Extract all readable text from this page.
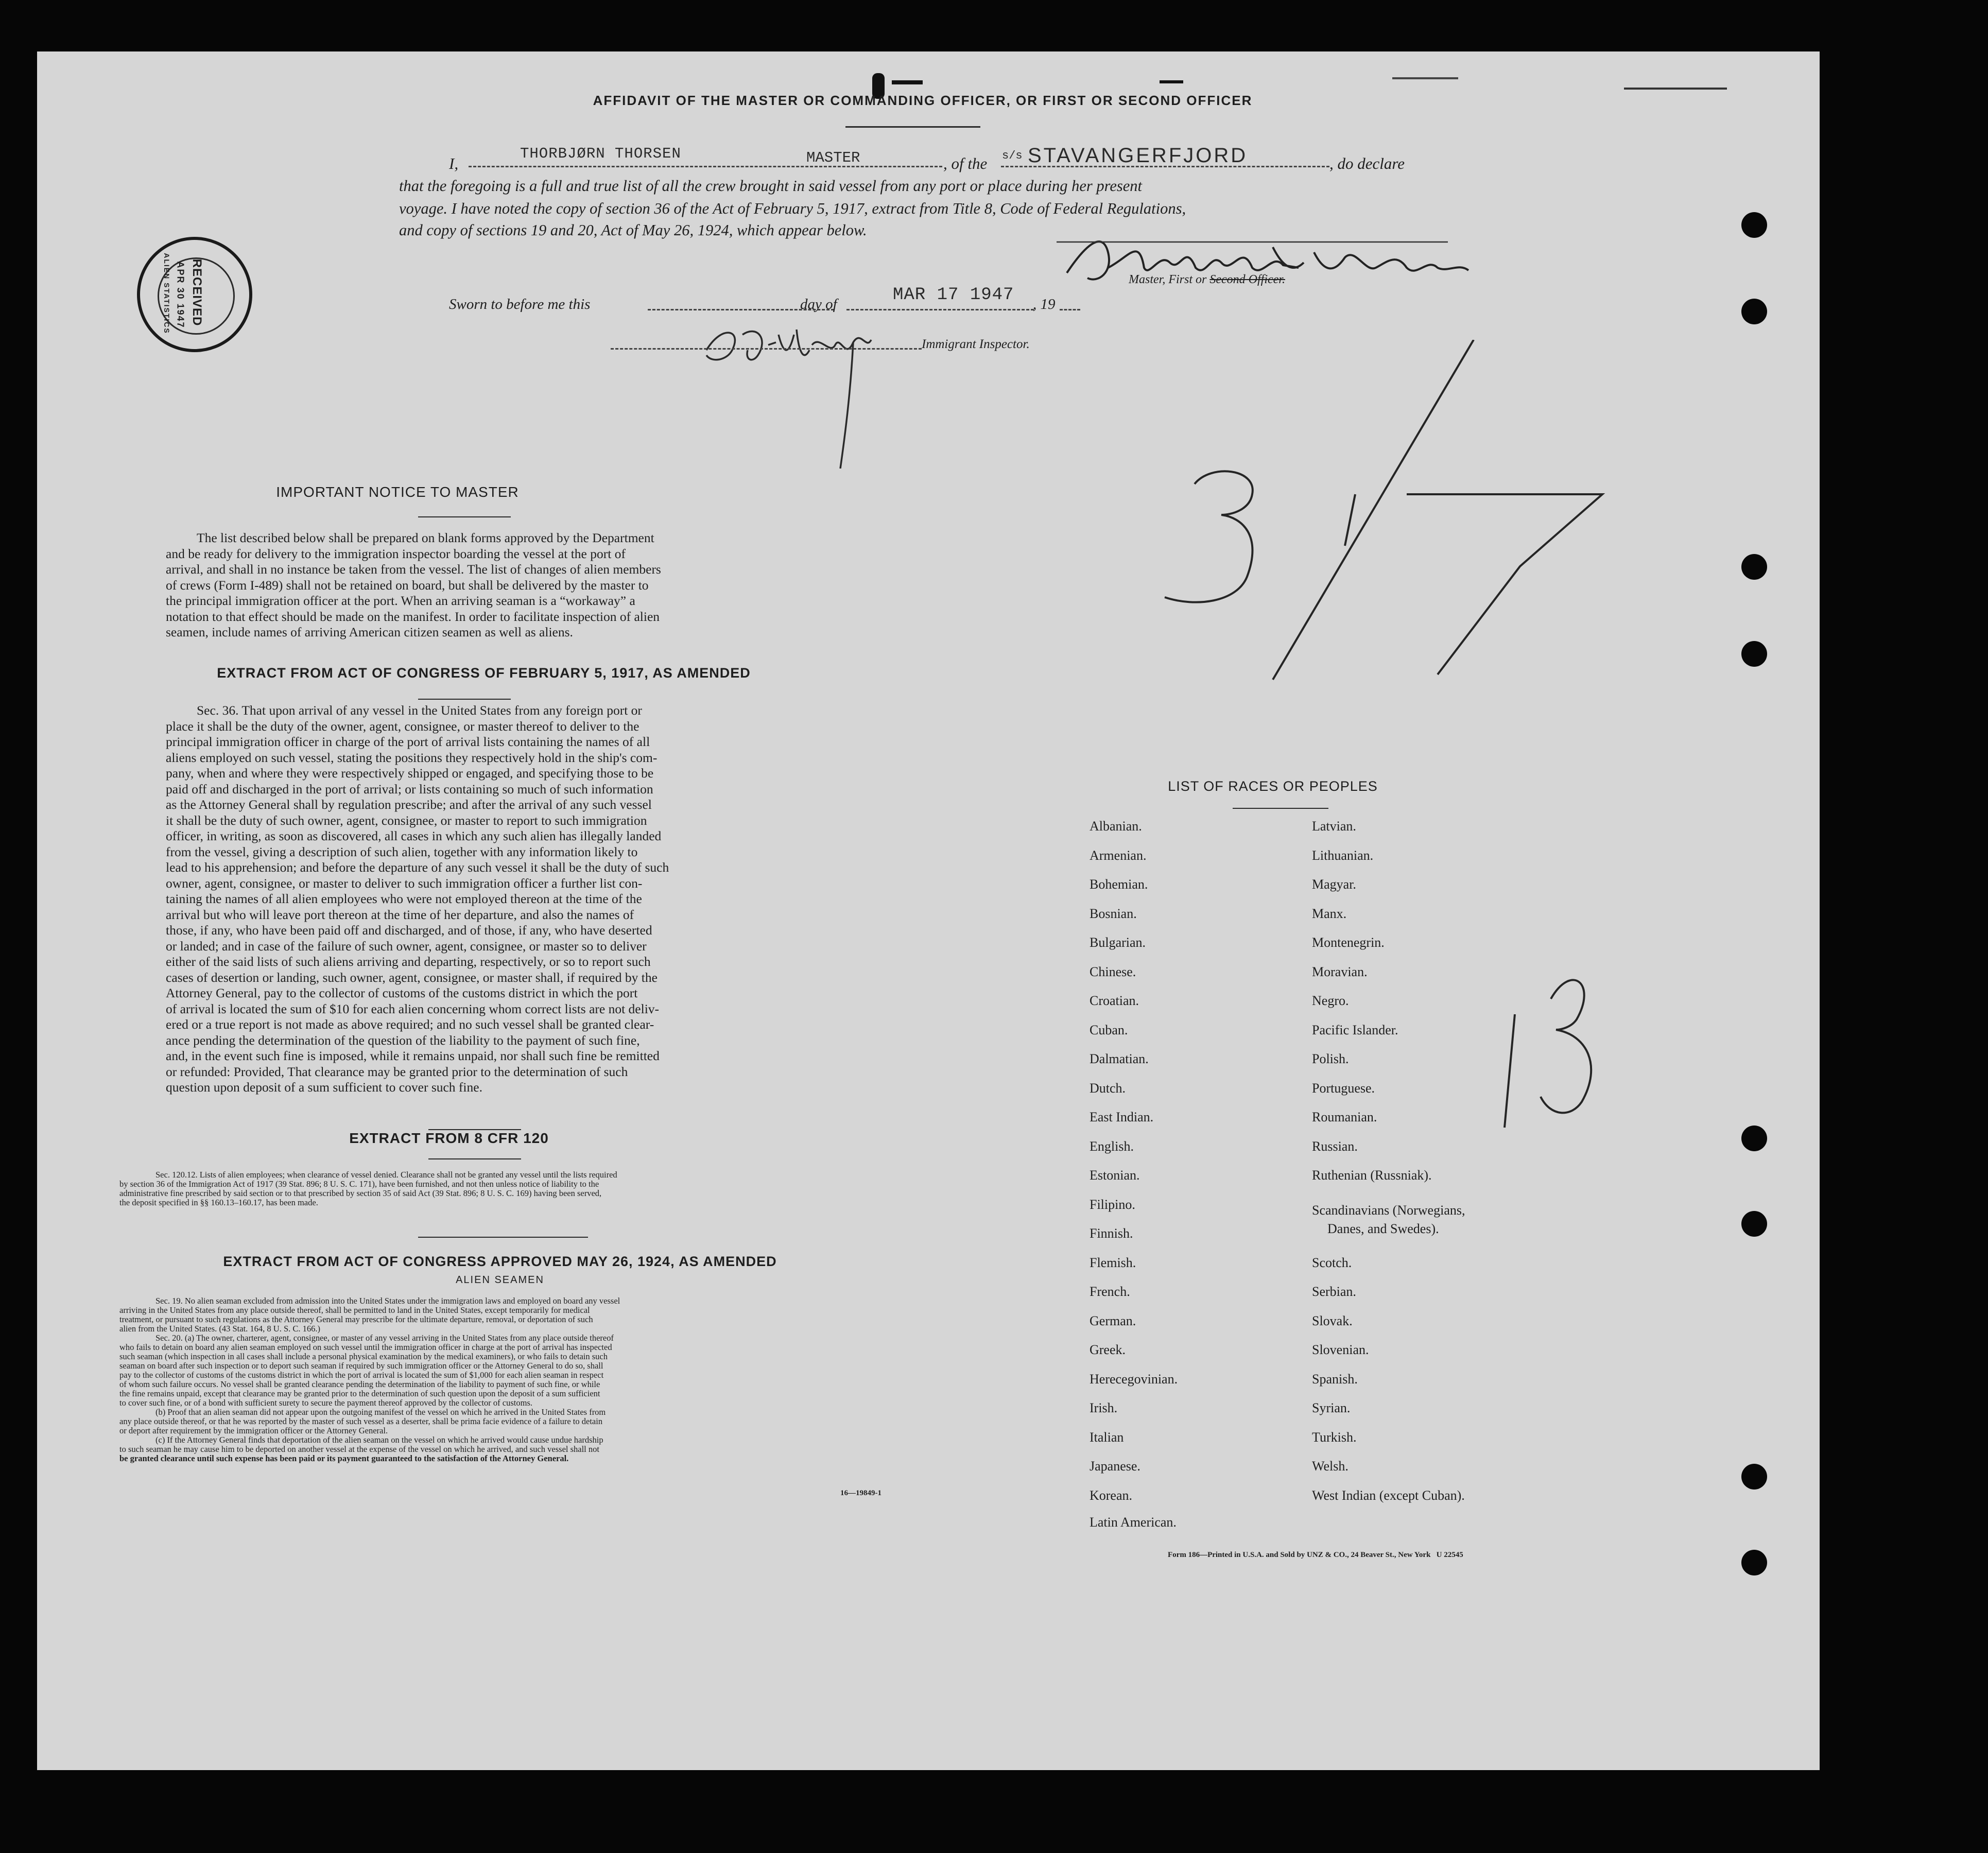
AFFIDAVIT OF THE MASTER OR COMMANDING OFFICER, OR FIRST OR SECOND OFFICER
I,
THORBJØRN THORSEN	MASTER	, of the s/s STAVANGERFJORD	, do declare
that the foregoing is a full and true list of all the crew brought in said vessel from any port or place during her present
voyage. I have noted the copy of section 36 of the Act of February 5, 1917, extract from Title 8, Code of Federal Regulations,
and copy of sections 19 and 20, Act of May 26, 1924, which appear below.
Master, First or Second Officer.
Sworn to before me this	day of	MAR 17 1947 , 19
Immigrant Inspector.
RECEIVED
APR 30 1947
ALIEN STATISTICS
IMPORTANT NOTICE TO MASTER
The list described below shall be prepared on blank forms approved by the Department
and be ready for delivery to the immigration inspector boarding the vessel at the port of
arrival, and shall in no instance be taken from the vessel. The list of changes of alien members
of crews (Form I-489) shall not be retained on board, but shall be delivered by the master to
the principal immigration officer at the port. When an arriving seaman is a “workaway” a
notation to that effect should be made on the manifest. In order to facilitate inspection of alien
seamen, include names of arriving American citizen seamen as well as aliens.
EXTRACT FROM ACT OF CONGRESS OF FEBRUARY 5, 1917, AS AMENDED
Sec. 36. That upon arrival of any vessel in the United States from any foreign port or
place it shall be the duty of the owner, agent, consignee, or master thereof to deliver to the
principal immigration officer in charge of the port of arrival lists containing the names of all
aliens employed on such vessel, stating the positions they respectively hold in the ship's com-
pany, when and where they were respectively shipped or engaged, and specifying those to be
paid off and discharged in the port of arrival; or lists containing so much of such information
as the Attorney General shall by regulation prescribe; and after the arrival of any such vessel
it shall be the duty of such owner, agent, consignee, or master to report to such immigration
officer, in writing, as soon as discovered, all cases in which any such alien has illegally landed
from the vessel, giving a description of such alien, together with any information likely to
lead to his apprehension; and before the departure of any such vessel it shall be the duty of such
owner, agent, consignee, or master to deliver to such immigration officer a further list con-
taining the names of all alien employees who were not employed thereon at the time of the
arrival but who will leave port thereon at the time of her departure, and also the names of
those, if any, who have been paid off and discharged, and of those, if any, who have deserted
or landed; and in case of the failure of such owner, agent, consignee, or master so to deliver
either of the said lists of such aliens arriving and departing, respectively, or so to report such
cases of desertion or landing, such owner, agent, consignee, or master shall, if required by the
Attorney General, pay to the collector of customs of the customs district in which the port
of arrival is located the sum of $10 for each alien concerning whom correct lists are not deliv-
ered or a true report is not made as above required; and no such vessel shall be granted clear-
ance pending the determination of the question of the liability to the payment of such fine,
and, in the event such fine is imposed, while it remains unpaid, nor shall such fine be remitted
or refunded: Provided, That clearance may be granted prior to the determination of such
question upon deposit of a sum sufficient to cover such fine.
EXTRACT FROM 8 CFR 120
Sec. 120.12. Lists of alien employees; when clearance of vessel denied. Clearance shall not be granted any vessel until the lists required
by section 36 of the Immigration Act of 1917 (39 Stat. 896; 8 U. S. C. 171), have been furnished, and not then unless notice of liability to the
administrative fine prescribed by said section or to that prescribed by section 35 of said Act (39 Stat. 896; 8 U. S. C. 169) having been served,
the deposit specified in §§ 160.13–160.17, has been made.
EXTRACT FROM ACT OF CONGRESS APPROVED MAY 26, 1924, AS AMENDED
ALIEN SEAMEN
Sec. 19. No alien seaman excluded from admission into the United States under the immigration laws and employed on board any vessel
arriving in the United States from any place outside thereof, shall be permitted to land in the United States, except temporarily for medical
treatment, or pursuant to such regulations as the Attorney General may prescribe for the ultimate departure, removal, or deportation of such
alien from the United States. (43 Stat. 164, 8 U. S. C. 166.)
Sec. 20. (a) The owner, charterer, agent, consignee, or master of any vessel arriving in the United States from any place outside thereof
who fails to detain on board any alien seaman employed on such vessel until the immigration officer in charge at the port of arrival has inspected
such seaman (which inspection in all cases shall include a personal physical examination by the medical examiners), or who fails to detain such
seaman on board after such inspection or to deport such seaman if required by such immigration officer or the Attorney General to do so, shall
pay to the collector of customs of the customs district in which the port of arrival is located the sum of $1,000 for each alien seaman in respect
of whom such failure occurs. No vessel shall be granted clearance pending the determination of the liability to payment of such fine, or while
the fine remains unpaid, except that clearance may be granted prior to the determination of such question upon the deposit of a sum sufficient
to cover such fine, or of a bond with sufficient surety to secure the payment thereof approved by the collector of customs.
(b) Proof that an alien seaman did not appear upon the outgoing manifest of the vessel on which he arrived in the United States from
any place outside thereof, or that he was reported by the master of such vessel as a deserter, shall be prima facie evidence of a failure to detain
or deport after requirement by the immigration officer or the Attorney General.
(c) If the Attorney General finds that deportation of the alien seaman on the vessel on which he arrived would cause undue hardship
to such seaman he may cause him to be deported on another vessel at the expense of the vessel on which he arrived, and such vessel shall not
be granted clearance until such expense has been paid or its payment guaranteed to the satisfaction of the Attorney General.
16—19849-1
LIST OF RACES OR PEOPLES
Albanian.
Armenian.
Bohemian.
Bosnian.
Bulgarian.
Chinese.
Croatian.
Cuban.
Dalmatian.
Dutch.
East Indian.
English.
Estonian.
Filipino.
Finnish.
Flemish.
French.
German.
Greek.
Herecegovinian.
Irish.
Italian
Japanese.
Korean.
Latin American.
Latvian.
Lithuanian.
Magyar.
Manx.
Montenegrin.
Moravian.
Negro.
Pacific Islander.
Polish.
Portuguese.
Roumanian.
Russian.
Ruthenian (Russniak).
Scandinavians (Norwegians,
Danes, and Swedes).
Scotch.
Serbian.
Slovak.
Slovenian.
Spanish.
Syrian.
Turkish.
Welsh.
West Indian (except Cuban).
Form 186—Printed in U.S.A. and Sold by UNZ & CO., 24 Beaver St., New York   U 22545
